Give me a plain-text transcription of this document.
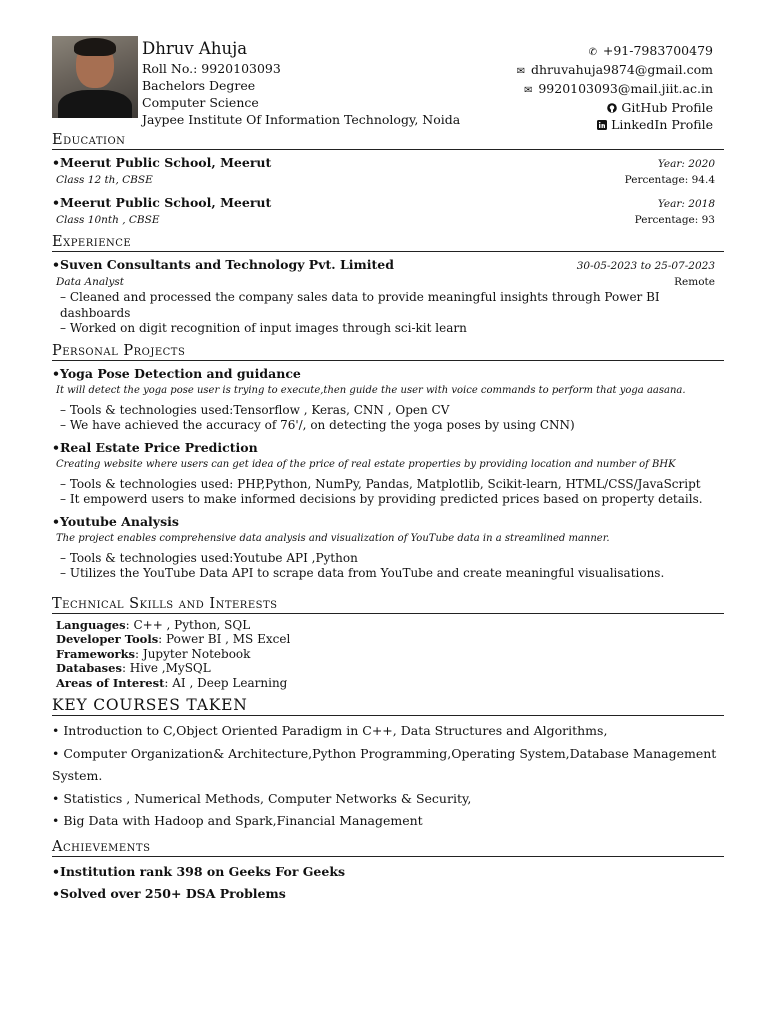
Dhruv Ahuja
Roll No.: 9920103093
Bachelors Degree
Computer Science
Jaypee Institute Of Information Technology, Noida
✆ +91-7983700479
✉ dhruvahuja9874@gmail.com
✉ 9920103093@mail.jiit.ac.in
GitHub Profile
LinkedIn Profile
Education
•Meerut Public School, Meerut	Year: 2020
Class 12 th, CBSE	Percentage: 94.4
•Meerut Public School, Meerut	Year: 2018
Class 10nth , CBSE	Percentage: 93
Experience
•Suven Consultants and Technology Pvt. Limited	30-05-2023 to 25-07-2023
Data Analyst	Remote
– Cleaned and processed the company sales data to provide meaningful insights through Power BI dashboards
– Worked on digit recognition of input images through sci-kit learn
Personal Projects
•Yoga Pose Detection and guidance
It will detect the yoga pose user is trying to execute,then guide the user with voice commands to perform that yoga aasana.
– Tools & technologies used:Tensorflow , Keras, CNN , Open CV
– We have achieved the accuracy of 76'/, on detecting the yoga poses by using CNN)
•Real Estate Price Prediction
Creating website where users can get idea of the price of real estate properties by providing location and number of BHK
– Tools & technologies used: PHP,Python, NumPy, Pandas, Matplotlib, Scikit-learn, HTML/CSS/JavaScript
– It empowerd users to make informed decisions by providing predicted prices based on property details.
•Youtube Analysis
The project enables comprehensive data analysis and visualization of YouTube data in a streamlined manner.
– Tools & technologies used:Youtube API ,Python
– Utilizes the YouTube Data API to scrape data from YouTube and create meaningful visualisations.
Technical Skills and Interests
Languages: C++ , Python, SQL
Developer Tools: Power BI , MS Excel
Frameworks: Jupyter Notebook
Databases: Hive ,MySQL
Areas of Interest: AI , Deep Learning
KEY COURSES TAKEN
• Introduction to C,Object Oriented Paradigm in C++, Data Structures and Algorithms,
• Computer Organization& Architecture,Python Programming,Operating System,Database Management System.
• Statistics , Numerical Methods, Computer Networks & Security,
• Big Data with Hadoop and Spark,Financial Management
Achievements
•Institution rank 398 on Geeks For Geeks
•Solved over 250+ DSA Problems
